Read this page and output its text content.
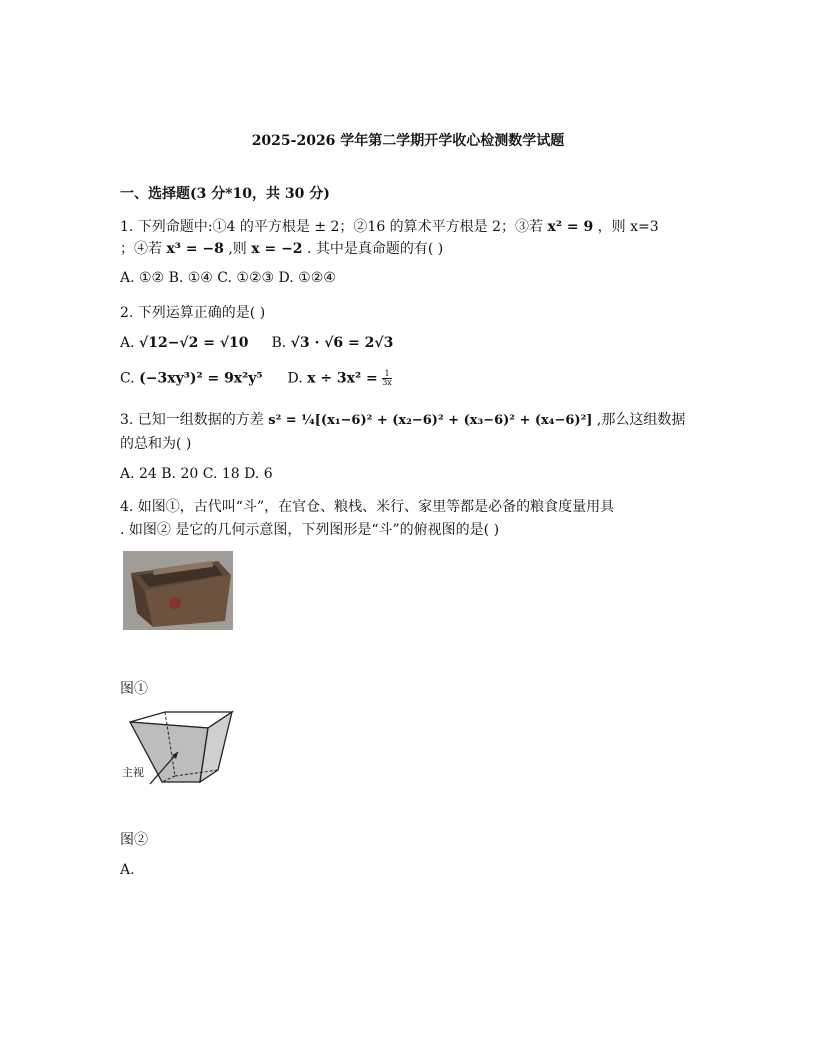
2025-2026 学年第二学期开学收心检测数学试题
一、选择题(3 分*10，共 30 分)
1. 下列命题中:①4 的平方根是 ± 2；②16 的算术平方根是 2；③若 x² = 9 ，则 x=3
；④若 x³ = −8 ,则 x = −2 . 其中是真命题的有( )
A. ①② B. ①④ C. ①②③ D. ①②④
2. 下列运算正确的是( )
A. √12−√2 = √10 B. √3 · √6 = 2√3
C. (−3xy³)² = 9x²y⁵ D. $x \div 3x^2 = \frac{1}{3x}$
3. 已知一组数据的方差 s² = ¼[(x₁−6)² + (x₂−6)² + (x₃−6)² + (x₄−6)²] ,那么这组数据
的总和为( )
A. 24 B. 20 C. 18 D. 6
4. 如图①，古代叫“斗”，在官仓、粮栈、米行、家里等都是必备的粮食度量用具
. 如图② 是它的几何示意图，下列图形是“斗”的俯视图的是( )
图①
主视
图②
A.
